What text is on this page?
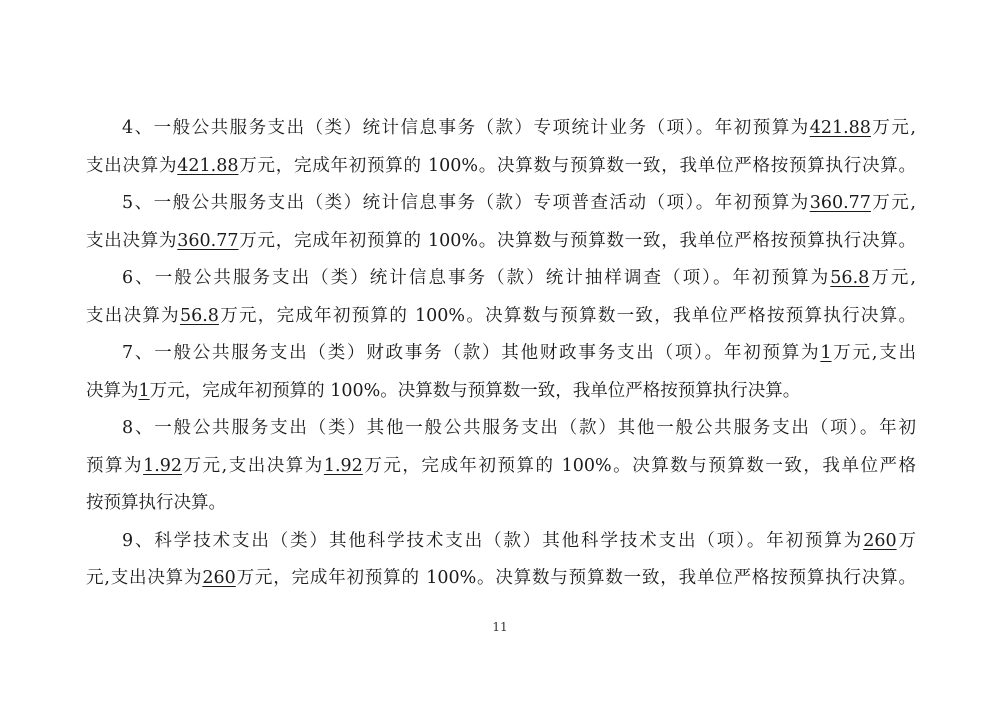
4、一般公共服务支出（类）统计信息事务（款）专项统计业务（项）。年初预算为421.88万元,
支出决算为421.88万元，完成年初预算的 100%。决算数与预算数一致，我单位严格按预算执行决算。
5、一般公共服务支出（类）统计信息事务（款）专项普查活动（项）。年初预算为360.77万元,
支出决算为360.77万元，完成年初预算的 100%。决算数与预算数一致，我单位严格按预算执行决算。
6、一般公共服务支出（类）统计信息事务（款）统计抽样调查（项）。年初预算为56.8万元,
支出决算为56.8万元，完成年初预算的 100%。决算数与预算数一致，我单位严格按预算执行决算。
7、一般公共服务支出（类）财政事务（款）其他财政事务支出（项）。年初预算为1万元,支出
决算为1万元，完成年初预算的 100%。决算数与预算数一致，我单位严格按预算执行决算。
8、一般公共服务支出（类）其他一般公共服务支出（款）其他一般公共服务支出（项）。年初
预算为1.92万元,支出决算为1.92万元，完成年初预算的 100%。决算数与预算数一致，我单位严格
按预算执行决算。
9、科学技术支出（类）其他科学技术支出（款）其他科学技术支出（项）。年初预算为260万
元,支出决算为260万元，完成年初预算的 100%。决算数与预算数一致，我单位严格按预算执行决算。
11
